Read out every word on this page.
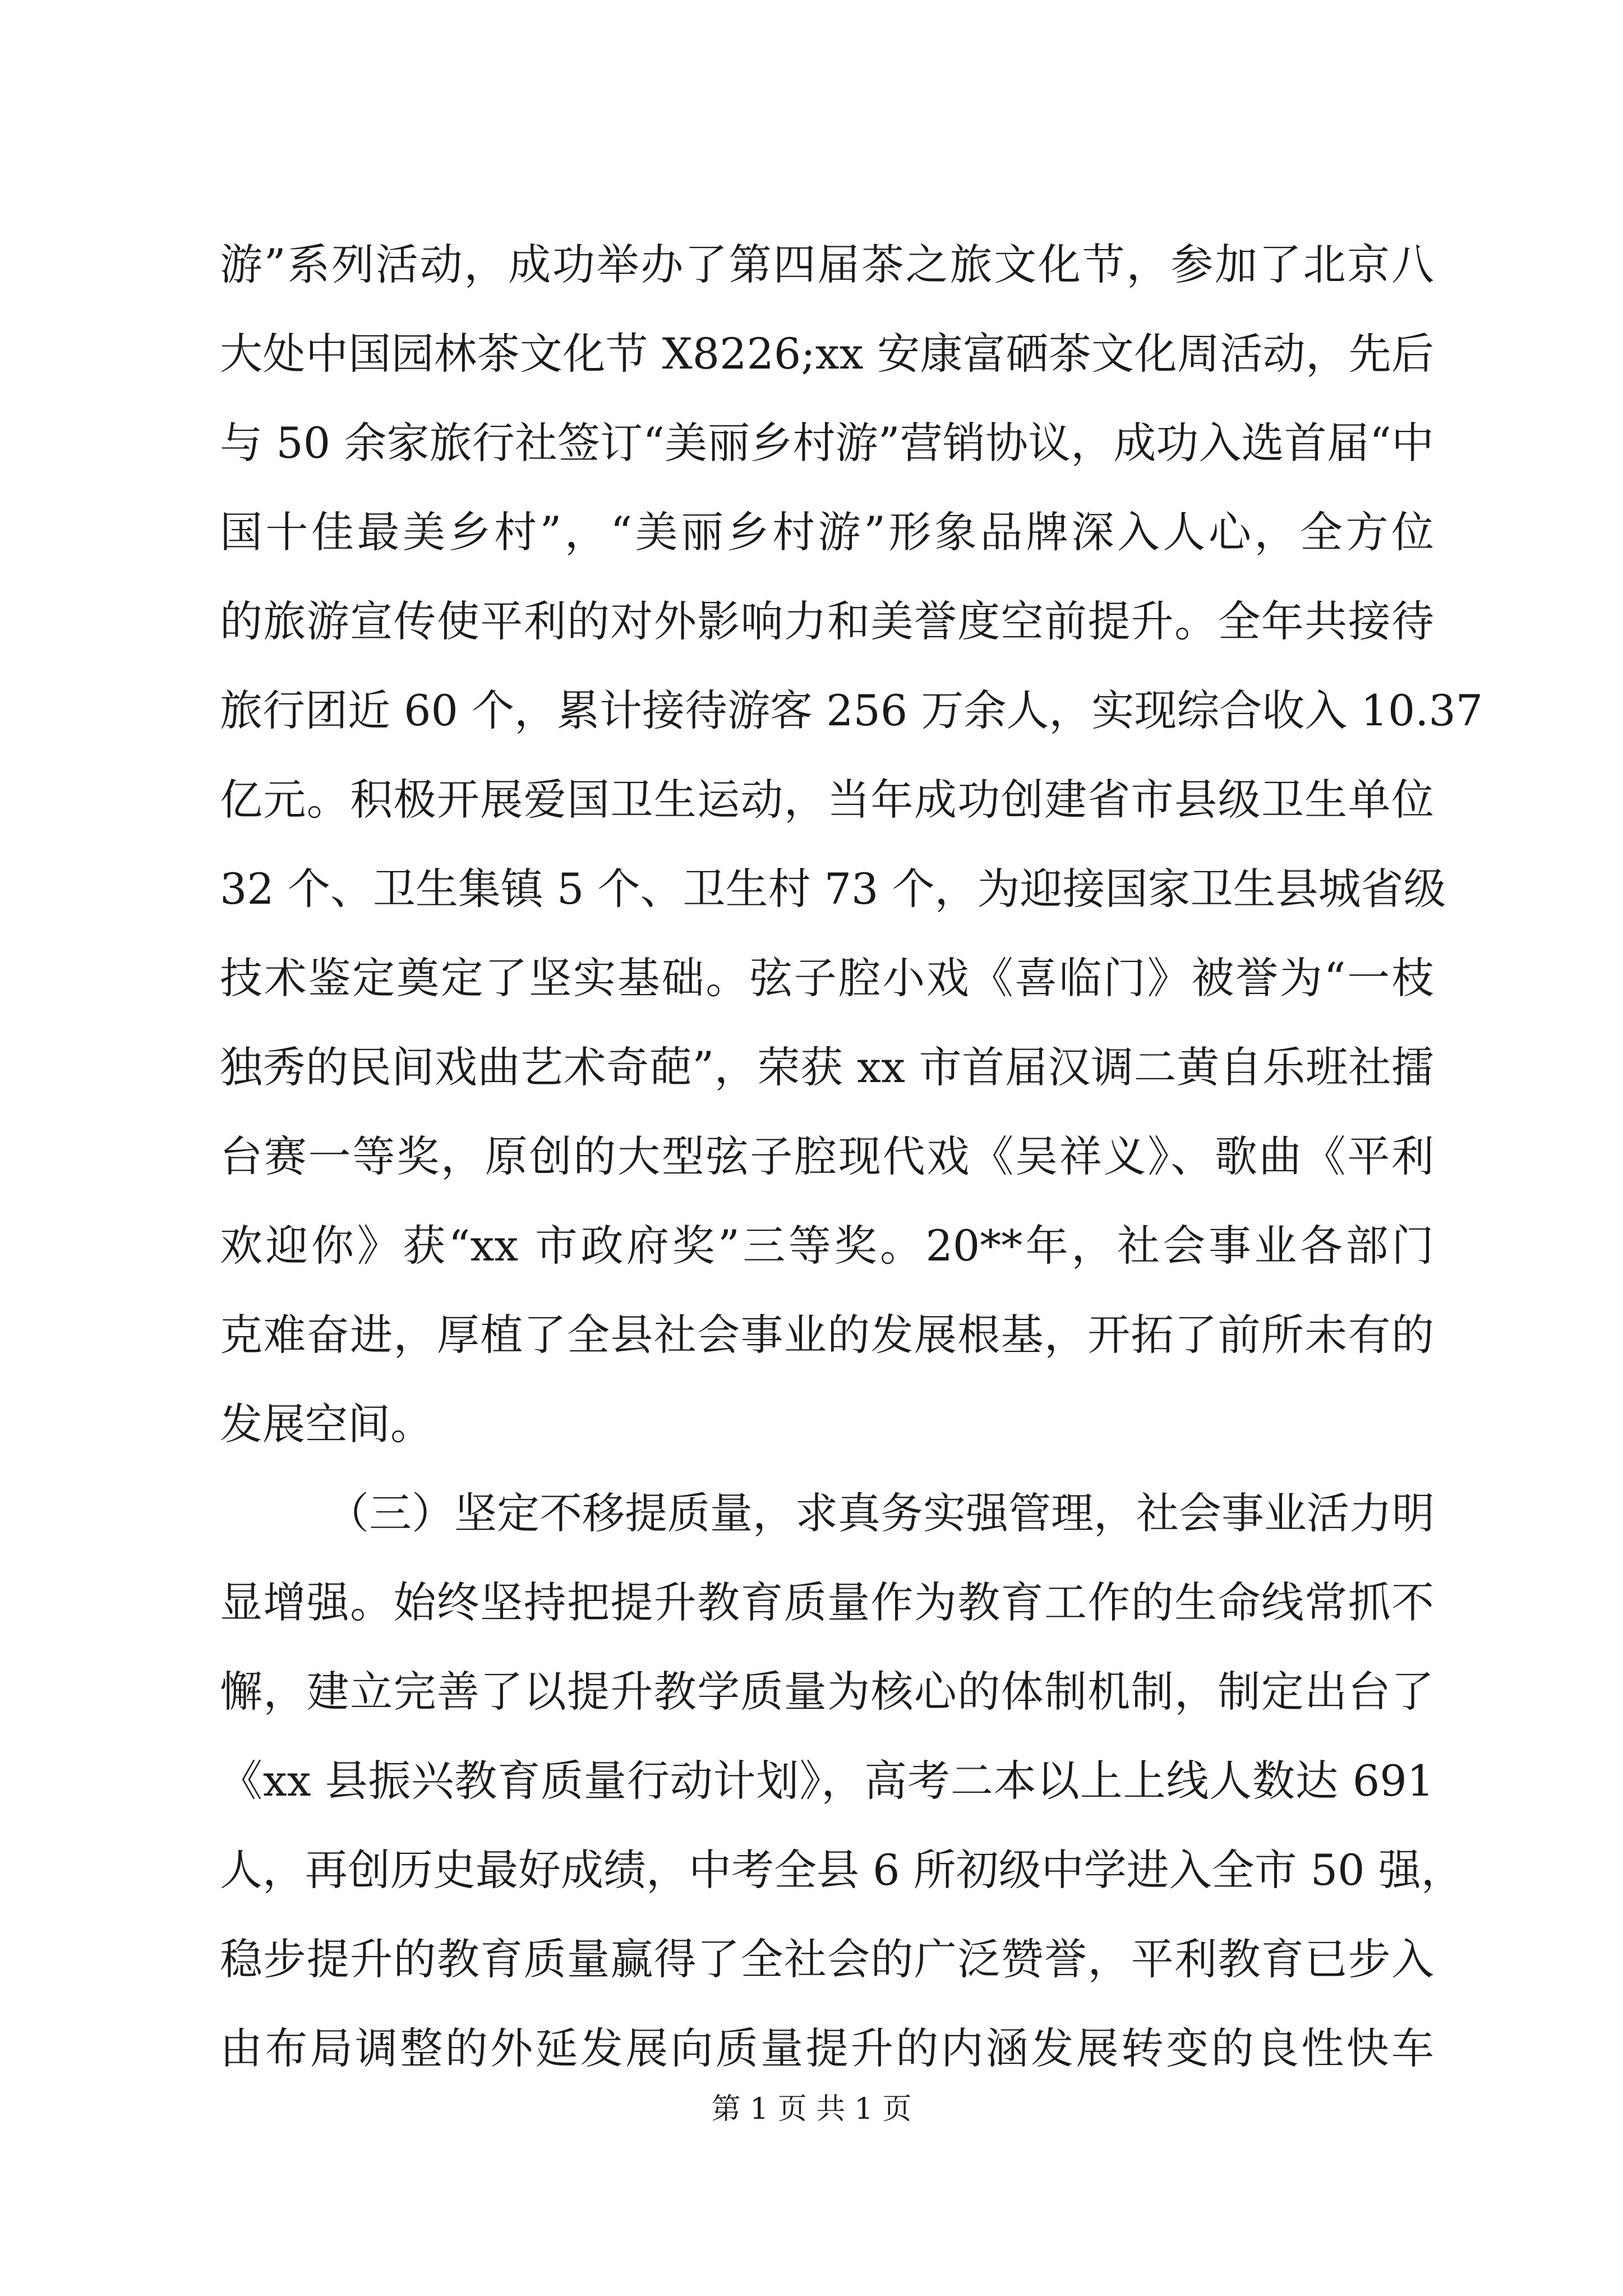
游”系列活动，成功举办了第四届茶之旅文化节，参加了北京八
大处中国园林茶文化节 X8226;xx 安康富硒茶文化周活动，先后
与 50 余家旅行社签订“美丽乡村游”营销协议，成功入选首届“中
国十佳最美乡村”，“美丽乡村游”形象品牌深入人心，全方位
的旅游宣传使平利的对外影响力和美誉度空前提升。全年共接待
旅行团近 60 个，累计接待游客 256 万余人，实现综合收入 10.37
亿元。积极开展爱国卫生运动，当年成功创建省市县级卫生单位
32 个、卫生集镇 5 个、卫生村 73 个，为迎接国家卫生县城省级
技术鉴定奠定了坚实基础。弦子腔小戏《喜临门》被誉为“一枝
独秀的民间戏曲艺术奇葩”，荣获 xx 市首届汉调二黄自乐班社擂
台赛一等奖，原创的大型弦子腔现代戏《吴祥义》、歌曲《平利
欢迎你》获“xx 市政府奖”三等奖。20**年，社会事业各部门
克难奋进，厚植了全县社会事业的发展根基，开拓了前所未有的
发展空间。
（三）坚定不移提质量，求真务实强管理，社会事业活力明
显增强。始终坚持把提升教育质量作为教育工作的生命线常抓不
懈，建立完善了以提升教学质量为核心的体制机制，制定出台了
《xx 县振兴教育质量行动计划》，高考二本以上上线人数达 691
人，再创历史最好成绩，中考全县 6 所初级中学进入全市 50 强，
稳步提升的教育质量赢得了全社会的广泛赞誉，平利教育已步入
由布局调整的外延发展向质量提升的内涵发展转变的良性快车
第 1 页 共 1 页
